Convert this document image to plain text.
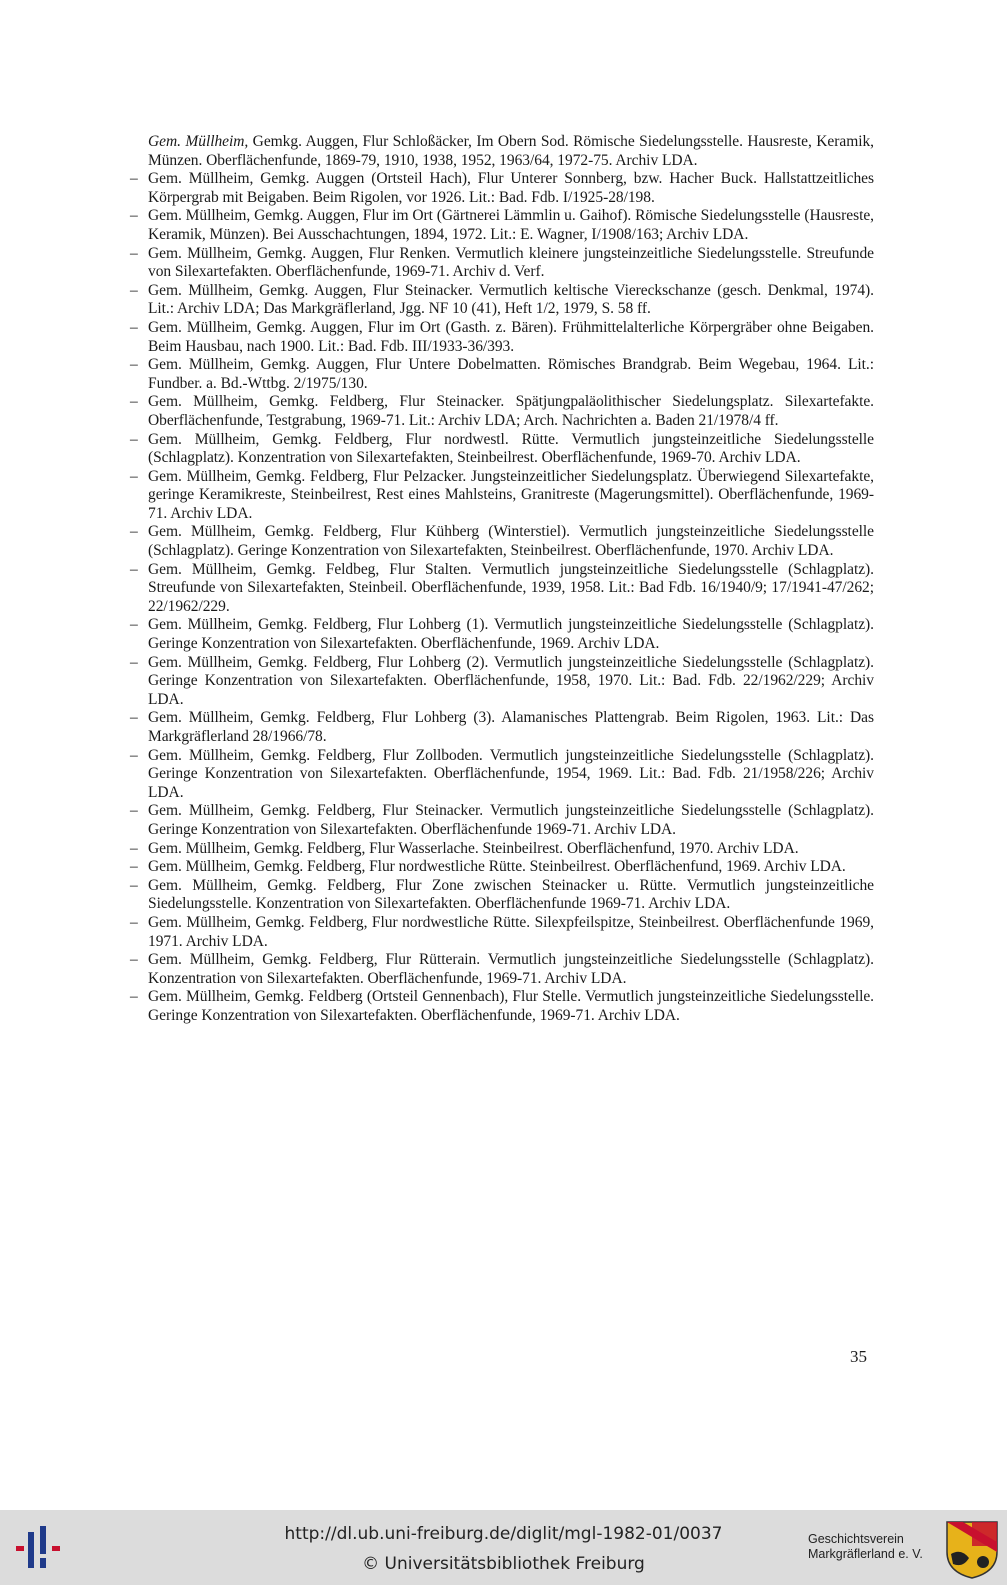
Gem. Müllheim, Gemkg. Auggen, Flur Schloßäcker, Im Obern Sod. Römische Siedelungsstelle. Hausreste, Keramik, Münzen. Oberflächenfunde, 1869-79, 1910, 1938, 1952, 1963/64, 1972-75. Archiv LDA.

– Gem. Müllheim, Gemkg. Auggen (Ortsteil Hach), Flur Unterer Sonnberg, bzw. Hacher Buck. Hallstattzeitliches Körpergrab mit Beigaben. Beim Rigolen, vor 1926. Lit.: Bad. Fdb. I/1925-28/198.

– Gem. Müllheim, Gemkg. Auggen, Flur im Ort (Gärtnerei Lämmlin u. Gaihof). Römische Siedelungsstelle (Hausreste, Keramik, Münzen). Bei Ausschachtungen, 1894, 1972. Lit.: E. Wagner, I/1908/163; Archiv LDA.

– Gem. Müllheim, Gemkg. Auggen, Flur Renken. Vermutlich kleinere jungsteinzeitliche Siedelungsstelle. Streufunde von Silexartefakten. Oberflächenfunde, 1969-71. Archiv d. Verf.

– Gem. Müllheim, Gemkg. Auggen, Flur Steinacker. Vermutlich keltische Viereckschanze (gesch. Denkmal, 1974). Lit.: Archiv LDA; Das Markgräflerland, Jgg. NF 10 (41), Heft 1/2, 1979, S. 58 ff.

– Gem. Müllheim, Gemkg. Auggen, Flur im Ort (Gasth. z. Bären). Frühmittelalterliche Körpergräber ohne Beigaben. Beim Hausbau, nach 1900. Lit.: Bad. Fdb. III/1933-36/393.

– Gem. Müllheim, Gemkg. Auggen, Flur Untere Dobelmatten. Römisches Brandgrab. Beim Wegebau, 1964. Lit.: Fundber. a. Bd.-Wttbg. 2/1975/130.

– Gem. Müllheim, Gemkg. Feldberg, Flur Steinacker. Spätjungpaläolithischer Siedelungsplatz. Silexartefakte. Oberflächenfunde, Testgrabung, 1969-71. Lit.: Archiv LDA; Arch. Nachrichten a. Baden 21/1978/4 ff.

– Gem. Müllheim, Gemkg. Feldberg, Flur nordwestl. Rütte. Vermutlich jungsteinzeitliche Siedelungsstelle (Schlagplatz). Konzentration von Silexartefakten, Steinbeilrest. Oberflächenfunde, 1969-70. Archiv LDA.

– Gem. Müllheim, Gemkg. Feldberg, Flur Pelzacker. Jungsteinzeitlicher Siedelungsplatz. Überwiegend Silexartefakte, geringe Keramikreste, Steinbeilrest, Rest eines Mahlsteins, Granitreste (Magerungsmittel). Oberflächenfunde, 1969-71. Archiv LDA.

– Gem. Müllheim, Gemkg. Feldberg, Flur Kühberg (Winterstiel). Vermutlich jungsteinzeitliche Siedelungsstelle (Schlagplatz). Geringe Konzentration von Silexartefakten, Steinbeilrest. Oberflächenfunde, 1970. Archiv LDA.

– Gem. Müllheim, Gemkg. Feldbeg, Flur Stalten. Vermutlich jungsteinzeitliche Siedelungsstelle (Schlagplatz). Streufunde von Silexartefakten, Steinbeil. Oberflächenfunde, 1939, 1958. Lit.: Bad Fdb. 16/1940/9; 17/1941-47/262; 22/1962/229.

– Gem. Müllheim, Gemkg. Feldberg, Flur Lohberg (1). Vermutlich jungsteinzeitliche Siedelungsstelle (Schlagplatz). Geringe Konzentration von Silexartefakten. Oberflächenfunde, 1969. Archiv LDA.

– Gem. Müllheim, Gemkg. Feldberg, Flur Lohberg (2). Vermutlich jungsteinzeitliche Siedelungsstelle (Schlagplatz). Geringe Konzentration von Silexartefakten. Oberflächenfunde, 1958, 1970. Lit.: Bad. Fdb. 22/1962/229; Archiv LDA.

– Gem. Müllheim, Gemkg. Feldberg, Flur Lohberg (3). Alamanisches Plattengrab. Beim Rigolen, 1963. Lit.: Das Markgräflerland 28/1966/78.

– Gem. Müllheim, Gemkg. Feldberg, Flur Zollboden. Vermutlich jungsteinzeitliche Siedelungsstelle (Schlagplatz). Geringe Konzentration von Silexartefakten. Oberflächenfunde, 1954, 1969. Lit.: Bad. Fdb. 21/1958/226; Archiv LDA.

– Gem. Müllheim, Gemkg. Feldberg, Flur Steinacker. Vermutlich jungsteinzeitliche Siedelungsstelle (Schlagplatz). Geringe Konzentration von Silexartefakten. Oberflächenfunde 1969-71. Archiv LDA.

– Gem. Müllheim, Gemkg. Feldberg, Flur Wasserlache. Steinbeilrest. Oberflächenfund, 1970. Archiv LDA.

– Gem. Müllheim, Gemkg. Feldberg, Flur nordwestliche Rütte. Steinbeilrest. Oberflächenfund, 1969. Archiv LDA.

– Gem. Müllheim, Gemkg. Feldberg, Flur Zone zwischen Steinacker u. Rütte. Vermutlich jungsteinzeitliche Siedelungsstelle. Konzentration von Silexartefakten. Oberflächenfunde 1969-71. Archiv LDA.

– Gem. Müllheim, Gemkg. Feldberg, Flur nordwestliche Rütte. Silexpfeilspitze, Steinbeilrest. Oberflächenfunde 1969, 1971. Archiv LDA.

– Gem. Müllheim, Gemkg. Feldberg, Flur Rütterain. Vermutlich jungsteinzeitliche Siedelungsstelle (Schlagplatz). Konzentration von Silexartefakten. Oberflächenfunde, 1969-71. Archiv LDA.

– Gem. Müllheim, Gemkg. Feldberg (Ortsteil Gennenbach), Flur Stelle. Vermutlich jungsteinzeitliche Siedelungsstelle. Geringe Konzentration von Silexartefakten. Oberflächenfunde, 1969-71. Archiv LDA.

35
http://dl.ub.uni-freiburg.de/diglit/mgl-1982-01/0037
© Universitätsbibliothek Freiburg
Geschichtsverein
Markgräflerland e. V.
